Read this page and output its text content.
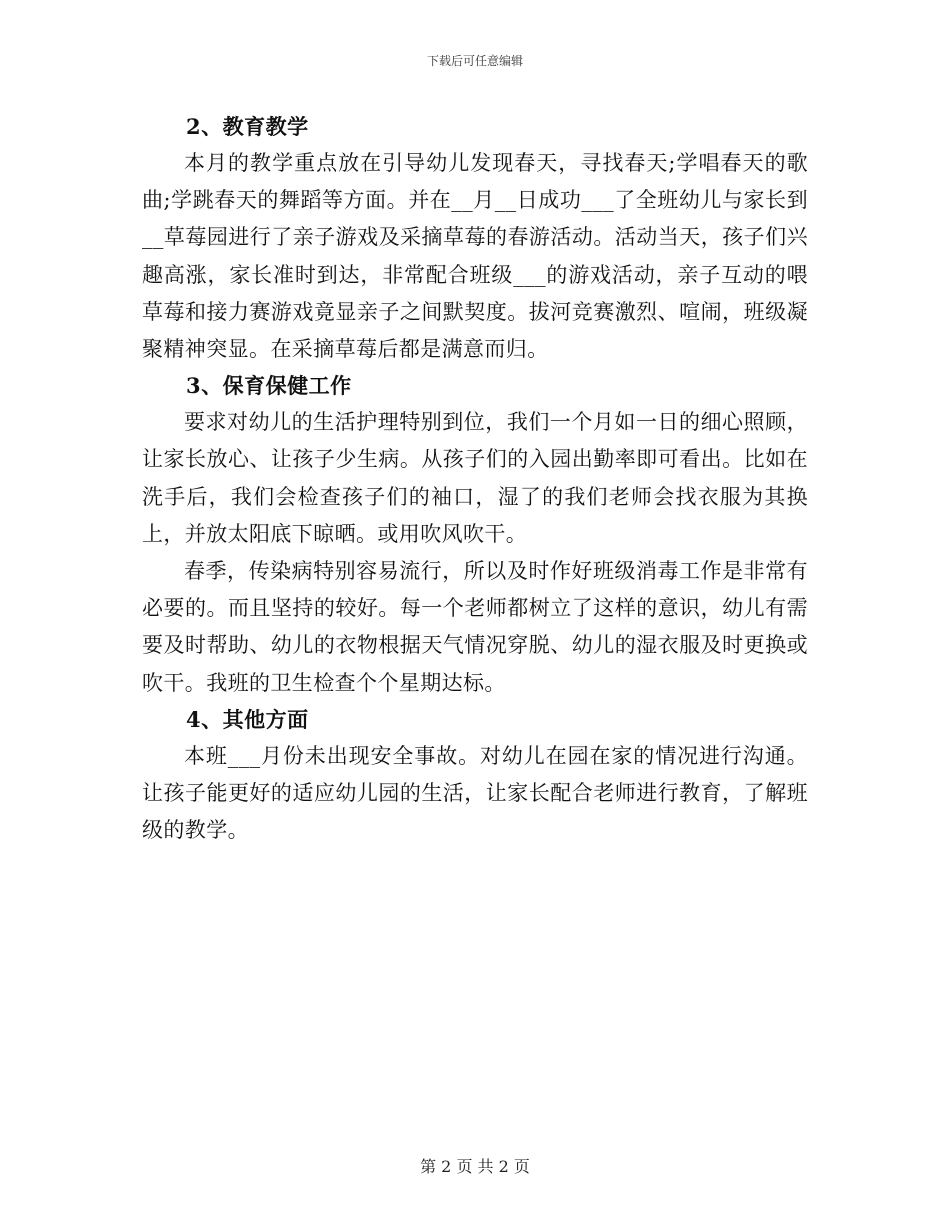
下载后可任意编辑
2、教育教学

本月的教学重点放在引导幼儿发现春天，寻找春天;学唱春天的歌曲;学跳春天的舞蹈等方面。并在__月__日成功___了全班幼儿与家长到__草莓园进行了亲子游戏及采摘草莓的春游活动。活动当天，孩子们兴趣高涨，家长准时到达，非常配合班级___的游戏活动，亲子互动的喂草莓和接力赛游戏竟显亲子之间默契度。拔河竞赛激烈、喧闹，班级凝聚精神突显。在采摘草莓后都是满意而归。

3、保育保健工作

要求对幼儿的生活护理特别到位，我们一个月如一日的细心照顾，让家长放心、让孩子少生病。从孩子们的入园出勤率即可看出。比如在洗手后，我们会检查孩子们的袖口，湿了的我们老师会找衣服为其换上，并放太阳底下晾晒。或用吹风吹干。

春季，传染病特别容易流行，所以及时作好班级消毒工作是非常有必要的。而且坚持的较好。每一个老师都树立了这样的意识，幼儿有需要及时帮助、幼儿的衣物根据天气情况穿脱、幼儿的湿衣服及时更换或吹干。我班的卫生检查个个星期达标。

4、其他方面

本班___月份未出现安全事故。对幼儿在园在家的情况进行沟通。让孩子能更好的适应幼儿园的生活，让家长配合老师进行教育，了解班级的教学。

第 2 页 共 2 页
